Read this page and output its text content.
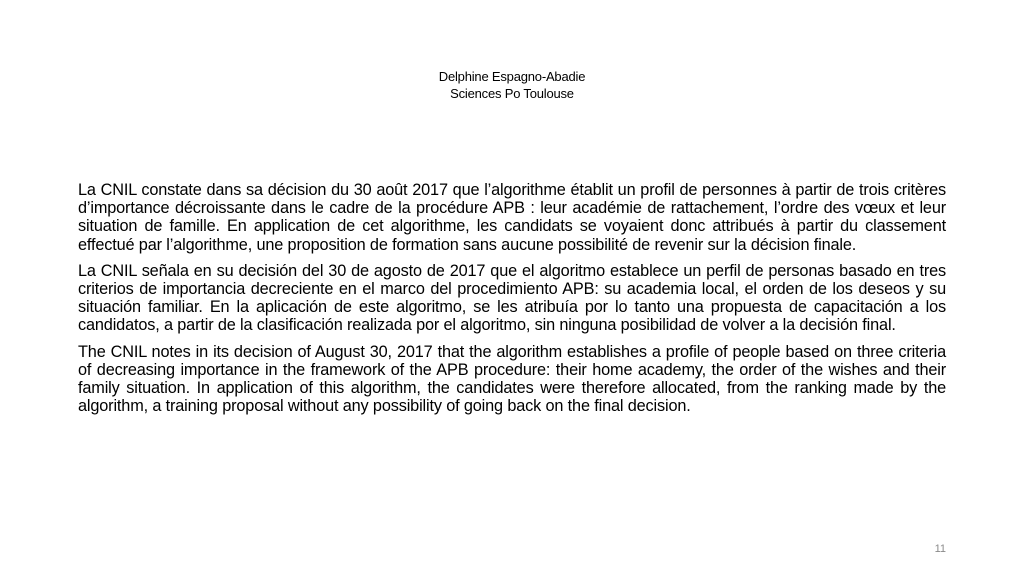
Delphine Espagno-Abadie
Sciences Po Toulouse

La CNIL constate dans sa décision du 30 août 2017 que l’algorithme établit un profil de personnes à partir de trois critères d’importance décroissante dans le cadre de la procédure APB : leur académie de rattachement, l’ordre des vœux et leur situation de famille. En application de cet algorithme, les candidats se voyaient donc attribués à partir du classement effectué par l’algorithme, une proposition de formation sans aucune possibilité de revenir sur la décision finale.

La CNIL señala en su decisión del 30 de agosto de 2017 que el algoritmo establece un perfil de personas basado en tres criterios de importancia decreciente en el marco del procedimiento APB: su academia local, el orden de los deseos y su situación familiar. En la aplicación de este algoritmo, se les atribuía por lo tanto una propuesta de capacitación a los candidatos, a partir de la clasificación realizada por el algoritmo, sin ninguna posibilidad de volver a la decisión final.

The CNIL notes in its decision of August 30, 2017 that the algorithm establishes a profile of people based on three criteria of decreasing importance in the framework of the APB procedure: their home academy, the order of the wishes and their family situation. In application of this algorithm, the candidates were therefore allocated, from the ranking made by the algorithm, a training proposal without any possibility of going back on the final decision.

11
